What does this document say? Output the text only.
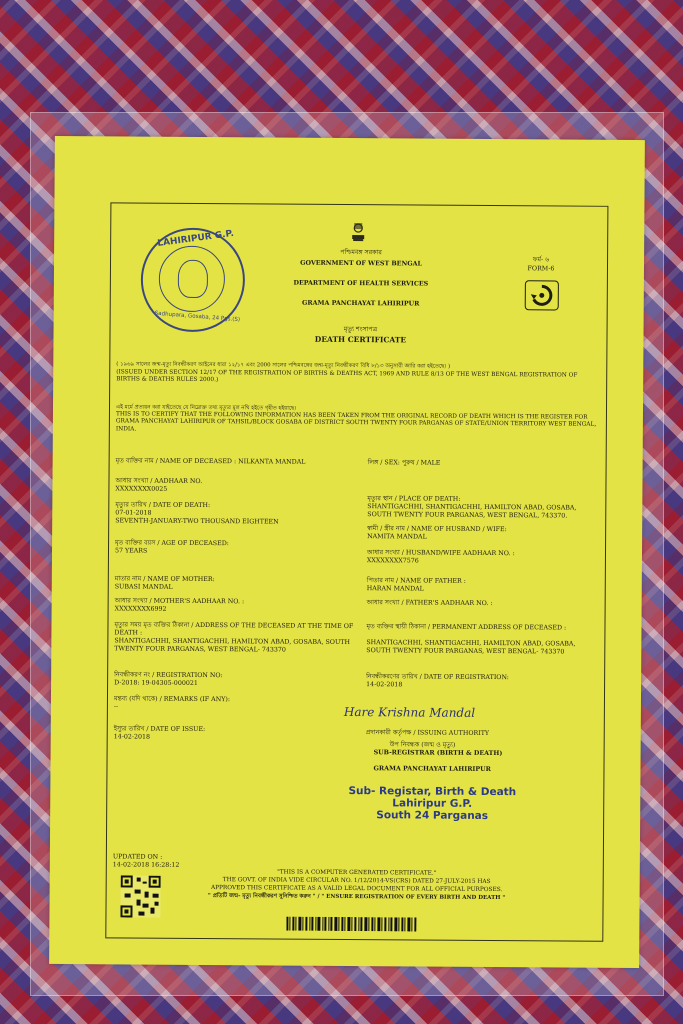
LAHIRIPUR G.P.
Sadhupara, Gosaba, 24 Pgs.(S)
পশ্চিমবঙ্গ সরকার
GOVERNMENT OF WEST BENGAL
DEPARTMENT OF HEALTH SERVICES
GRAMA PANCHAYAT LAHIRIPUR
ফর্ম- ৬
FORM-6
মৃত্যু শংসাপত্র
DEATH CERTIFICATE
( ১৯৬৯ সালের জন্ম-মৃত্যু নিবন্ধীকরণ আইনের ধারা ১২/১৭ এবং 2000 সালের পশ্চিমবঙ্গের জন্ম-মৃত্যু নিবন্ধীকরণ বিধি ৮/১৩ অনুসারী জারি করা হইতেছে। )
(ISSUED UNDER SECTION 12/17 OF THE REGISTRATION OF BIRTHS & DEATHS ACT, 1969 AND RULE 8/13 OF THE WEST BENGAL REGISTRATION OF BIRTHS & DEATHS RULES 2000.)
এই মর্মে প্রত্যয়ন করা যাইতেছে যে নিম্নোক্ত তথ্য মৃত্যুর মূল নথি হইতে গৃহীত হইয়াছে।
THIS IS TO CERTIFY THAT THE FOLLOWING INFORMATION HAS BEEN TAKEN FROM THE ORIGINAL RECORD OF DEATH WHICH IS THE REGISTER FOR GRAMA PANCHAYAT LAHIRIPUR OF TAHSIL/BLOCK GOSABA OF DISTRICT SOUTH TWENTY FOUR PARGANAS OF STATE/UNION TERRITORY WEST BENGAL, INDIA.
মৃত ব্যক্তির নাম / NAME OF DECEASED : NILKANTA MANDAL
আধার সংখ্যা / AADHAAR NO.
XXXXXXXX0025
মৃত্যুর তারিখ / DATE OF DEATH:
07-01-2018
SEVENTH-JANUARY-TWO THOUSAND EIGHTEEN
মৃত ব্যক্তির বয়স / AGE OF DECEASED:
57 YEARS
মাতার নাম / NAME OF MOTHER:
SUBASI MANDAL
আধার সংখ্যা / MOTHER'S AADHAAR NO. :
XXXXXXXX6992
মৃত্যুর সময় মৃত ব্যক্তির ঠিকানা / ADDRESS OF THE DECEASED AT THE TIME OF DEATH :
SHANTIGACHHI, SHANTIGACHHI, HAMILTON ABAD, GOSABA, SOUTH TWENTY FOUR PARGANAS, WEST BENGAL- 743370
নিবন্ধীকরণ নং / REGISTRATION NO:
D-2018: 19-04305-000021
মন্তব্য (যদি থাকে) / REMARKS (IF ANY):
--
ইস্যুর তারিখ / DATE OF ISSUE:
14-02-2018
লিঙ্গ / SEX: পুরুষ / MALE
মৃত্যুর স্থান / PLACE OF DEATH:
SHANTIGACHHI, SHANTIGACHHI, HAMILTON ABAD, GOSABA, SOUTH TWENTY FOUR PARGANAS, WEST BENGAL, 743370.
স্বামী / স্ত্রীর নাম / NAME OF HUSBAND / WIFE:
NAMITA MANDAL
আধার সংখ্যা / HUSBAND/WIFE AADHAAR NO. :
XXXXXXXX7576
পিতার নাম / NAME OF FATHER :
HARAN MANDAL
আধার সংখ্যা / FATHER'S AADHAAR NO. :
মৃত ব্যক্তির স্থায়ী ঠিকানা / PERMANENT ADDRESS OF DECEASED :
SHANTIGACHHI, SHANTIGACHHI, HAMILTON ABAD, GOSABA, SOUTH TWENTY FOUR PARGANAS, WEST BENGAL- 743370
নিবন্ধীকরণের তারিখ / DATE OF REGISTRATION:
14-02-2018
Hare Krishna Mandal
প্রদানকারী কর্তৃপক্ষ / ISSUING AUTHORITY
উপ নিবন্ধক (জন্ম ও মৃত্যু)
SUB-REGISTRAR (BIRTH & DEATH)
GRAMA PANCHAYAT LAHIRIPUR
Sub- Registar, Birth & Death
Lahiripur G.P.
South 24 Parganas
UPDATED ON :
14-02-2018 16:28:12
"THIS IS A COMPUTER GENERATED CERTIFICATE."
THE GOVT. OF INDIA VIDE CIRCULAR NO. 1/12/2014-VS(CRS) DATED 27-JULY-2015 HAS
APPROVED THIS CERTIFICATE AS A VALID LEGAL DOCUMENT FOR ALL OFFICIAL PURPOSES.
" প্রতিটি জন্ম- মৃত্যু নিবন্ধীকরণ সুনিশ্চিত করুন " / " ENSURE REGISTRATION OF EVERY BIRTH AND DEATH "
